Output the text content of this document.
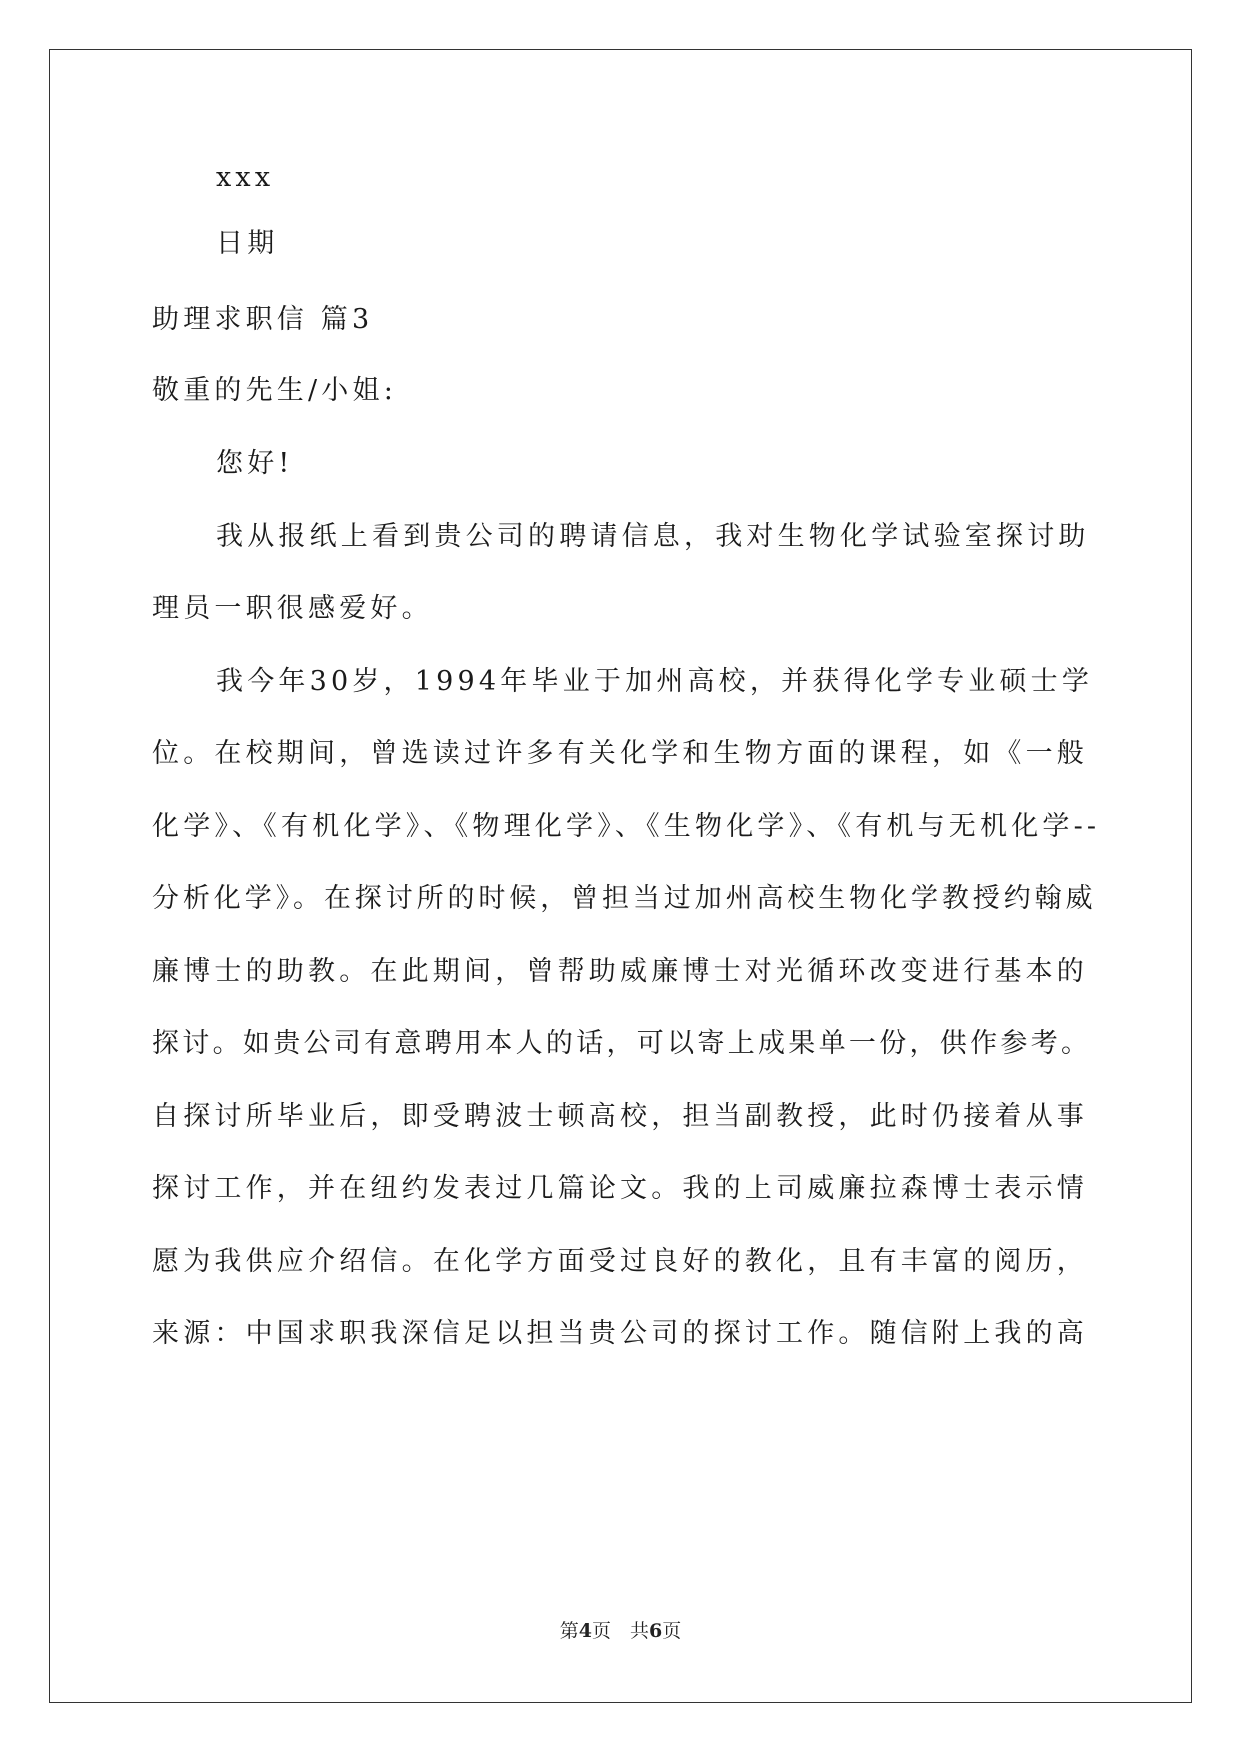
xxx
日期
助理求职信 篇3
敬重的先生/小姐:
您好!
我从报纸上看到贵公司的聘请信息，我对生物化学试验室探讨助
理员一职很感爱好。
我今年30岁，1994年毕业于加州高校，并获得化学专业硕士学
位。在校期间，曾选读过许多有关化学和生物方面的课程，如《一般
化学》、《有机化学》、《物理化学》、《生物化学》、《有机与无机化学--
分析化学》。在探讨所的时候，曾担当过加州高校生物化学教授约翰威
廉博士的助教。在此期间，曾帮助威廉博士对光循环改变进行基本的
探讨。如贵公司有意聘用本人的话，可以寄上成果单一份，供作参考。
自探讨所毕业后，即受聘波士顿高校，担当副教授，此时仍接着从事
探讨工作，并在纽约发表过几篇论文。我的上司威廉拉森博士表示情
愿为我供应介绍信。在化学方面受过良好的教化，且有丰富的阅历，
来源：中国求职我深信足以担当贵公司的探讨工作。随信附上我的高
第4页　共6页
